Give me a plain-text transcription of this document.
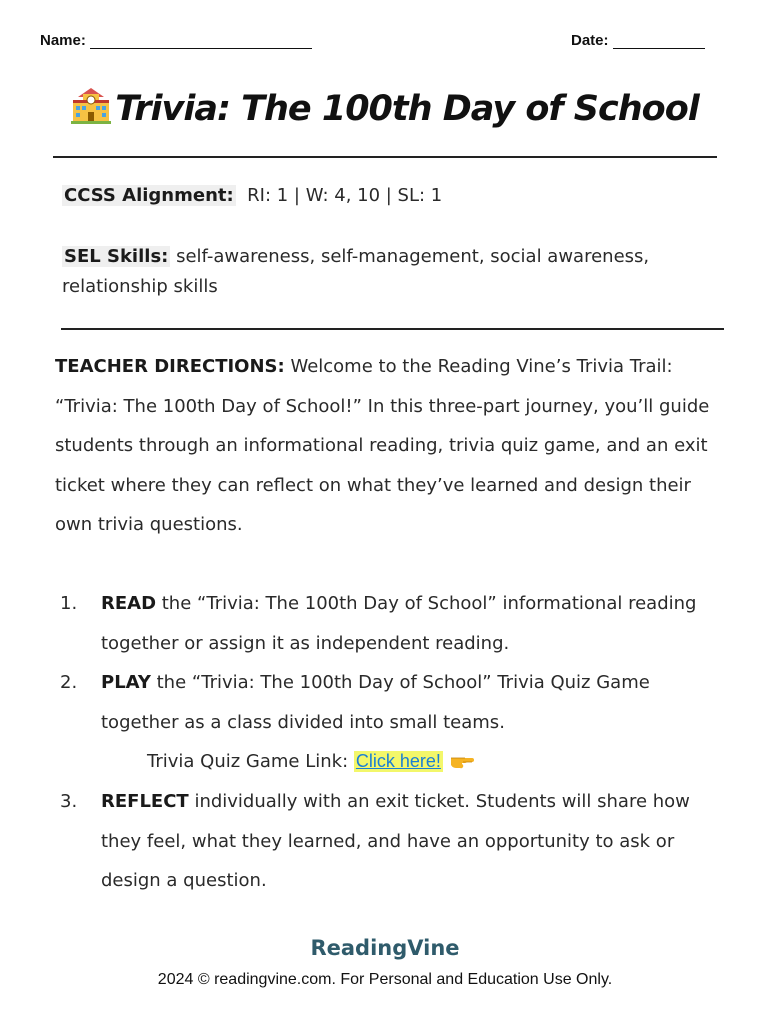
Name:	Date:
Trivia: The 100th Day of School
CCSS Alignment: RI: 1 | W: 4, 10 | SL: 1
SEL Skills: self-awareness, self-management, social awareness, relationship skills
TEACHER DIRECTIONS: Welcome to the Reading Vine’s Trivia Trail: “Trivia: The 100th Day of School!” In this three-part journey, you’ll guide students through an informational reading, trivia quiz game, and an exit ticket where they can reflect on what they’ve learned and design their own trivia questions.
1.	READ the “Trivia: The 100th Day of School” informational reading together or assign it as independent reading.
2.	PLAY the “Trivia: The 100th Day of School” Trivia Quiz Game together as a class divided into small teams.
Trivia Quiz Game Link: Click here!
3.	REFLECT individually with an exit ticket. Students will share how they feel, what they learned, and have an opportunity to ask or design a question.
ReadingVine
2024 © readingvine.com. For Personal and Education Use Only.
